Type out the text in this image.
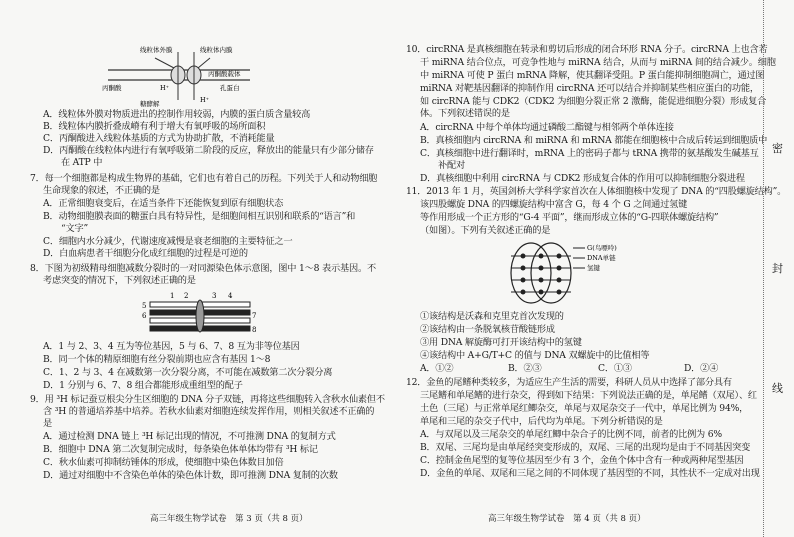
线粒体外膜	线粒体内膜
丙酮酸	H⁺
丙酮酸载体
孔蛋白
糖酵解	H⁺
A．线粒体外膜对物质进出的控制作用较弱，内膜的蛋白质含量较高
B．线粒体内膜折叠成嵴有利于增大有氧呼吸的场所面积
C．丙酮酸进入线粒体基质的方式为协助扩散，不消耗能量
D．丙酮酸在线粒体内进行有氧呼吸第二阶段的反应，释放出的能量只有少部分储存
　　在 ATP 中
7．每一个细胞都是构成生物界的基础，它们也有着自己的历程。下列关于人和动物细胞
生命现象的叙述，不正确的是
A．正常细胞衰变后，在适当条件下还能恢复到原有细胞状态
B．动物细胞膜表面的糖蛋白具有特异性，是细胞间相互识别和联系的“语言”和
　　“文字”
C．细胞内水分减少，代谢速度减慢是衰老细胞的主要特征之一
D．白血病患者干细胞分化成红细胞的过程是可逆的
8．下图为初级精母细胞减数分裂时的一对同源染色体示意图，图中 1～8 表示基因。不
考虑突变的情况下，下列叙述正确的是
1 2	3 4
5
6	7
8
A．1 与 2、3、4 互为等位基因，5 与 6、7、8 互为非等位基因
B．同一个体的精原细胞有丝分裂前期也应含有基因 1～8
C．1、2 与 3、4 在减数第一次分裂分离，不可能在减数第二次分裂分离
D．1 分别与 6、7、8 组合都能形成重组型的配子
9．用 ³H 标记蚕豆根尖分生区细胞的 DNA 分子双链，再将这些细胞转入含秋水仙素但不
含 ³H 的普通培养基中培养。若秋水仙素对细胞连续发挥作用，则相关叙述不正确的
是
A．通过检测 DNA 链上 ³H 标记出现的情况，不可推测 DNA 的复制方式
B．细胞中 DNA 第二次复制完成时，每条染色体单体均带有 ³H 标记
C．秋水仙素可抑制纺锤体的形成，使细胞中染色体数目加倍
D．通过对细胞中不含染色单体的染色体计数，即可推测 DNA 复制的次数
高三年级生物学试卷　第 3 页（共 8 页）
10．circRNA 是真核细胞在转录和剪切后形成的闭合环形 RNA 分子。circRNA 上也含若
干 miRNA 结合位点，可竞争性地与 miRNA 结合，从而与 miRNA 间的结合减少。细胞
中 miRNA 可使 P 蛋白 mRNA 降解，使其翻译受阻。P 蛋白能抑制细胞凋亡，通过图
miRNA 对靶基因翻译的抑制作用 circRNA 还可以结合并抑制某些相应蛋白的功能，
如 circRNA 能与 CDK2（CDK2 为细胞分裂正常 2 激酶，能促进细胞分裂）形成复合
体。下列叙述错误的是
A．circRNA 中每个单体均通过磷酸二酯键与相邻两个单体连接
B．真核细胞内 circRNA 和 miRNA 和 mRNA 都能在细胞核中合成后转运到细胞质中
C．真核细胞中进行翻译时，mRNA 上的密码子都与 tRNA 携带的氨基酸发生碱基互
　　补配对
D．真核细胞中利用 circRNA 与 CDK2 形成复合体的作用可以抑制细胞分裂进程
11．2013 年 1 月，英国剑桥大学科学家首次在人体细胞核中发现了 DNA 的“四股螺旋结构”。
该四股螺旋 DNA 的四螺旋结构中富含 G，每 4 个 G 之间通过氢键
等作用形成一个正方形的“G-4 平面”，继而形成立体的“G-四联体螺旋结构”
（如图）。下列有关叙述正确的是
G(鸟嘌呤)
DNA单链
氢键
①该结构是沃森和克里克首次发现的
②该结构由一条脱氧核苷酸链形成
③用 DNA 解旋酶可打开该结构中的氢键
④该结构中 A+G/T+C 的值与 DNA 双螺旋中的比值相等
A．①②	B．②③	C．①③	D．②④
12．金鱼的尾鳍种类较多，为适应生产生活的需要，科研人员从中选择了部分具有
三尾鳍和单尾鳍的进行杂交，得到如下结果：下列说法正确的是，单尾鳍（双尾）、红
土色（三尾）与正常单尾红鲫杂交，单尾与双尾杂交子一代中，单尾比例为 94%，
单尾和三尾的杂交子代中，后代均为单尾。下列分析错误的是
A．与双尾以及三尾杂交的单尾红鲫中杂合子的比例不同，前者的比例为 6%
B．双尾、三尾均是由单尾经突变形成的，双尾、三尾的出现均是由于不同基因突变
C．控制金鱼尾型的复等位基因至少有 3 个，金鱼个体中含有一种或两种尾型基因
D．金鱼的单尾、双尾和三尾之间的不同体现了基因型的不同，其性状不一定成对出现
高三年级生物学试卷　第 4 页（共 8 页）
密
封
线
